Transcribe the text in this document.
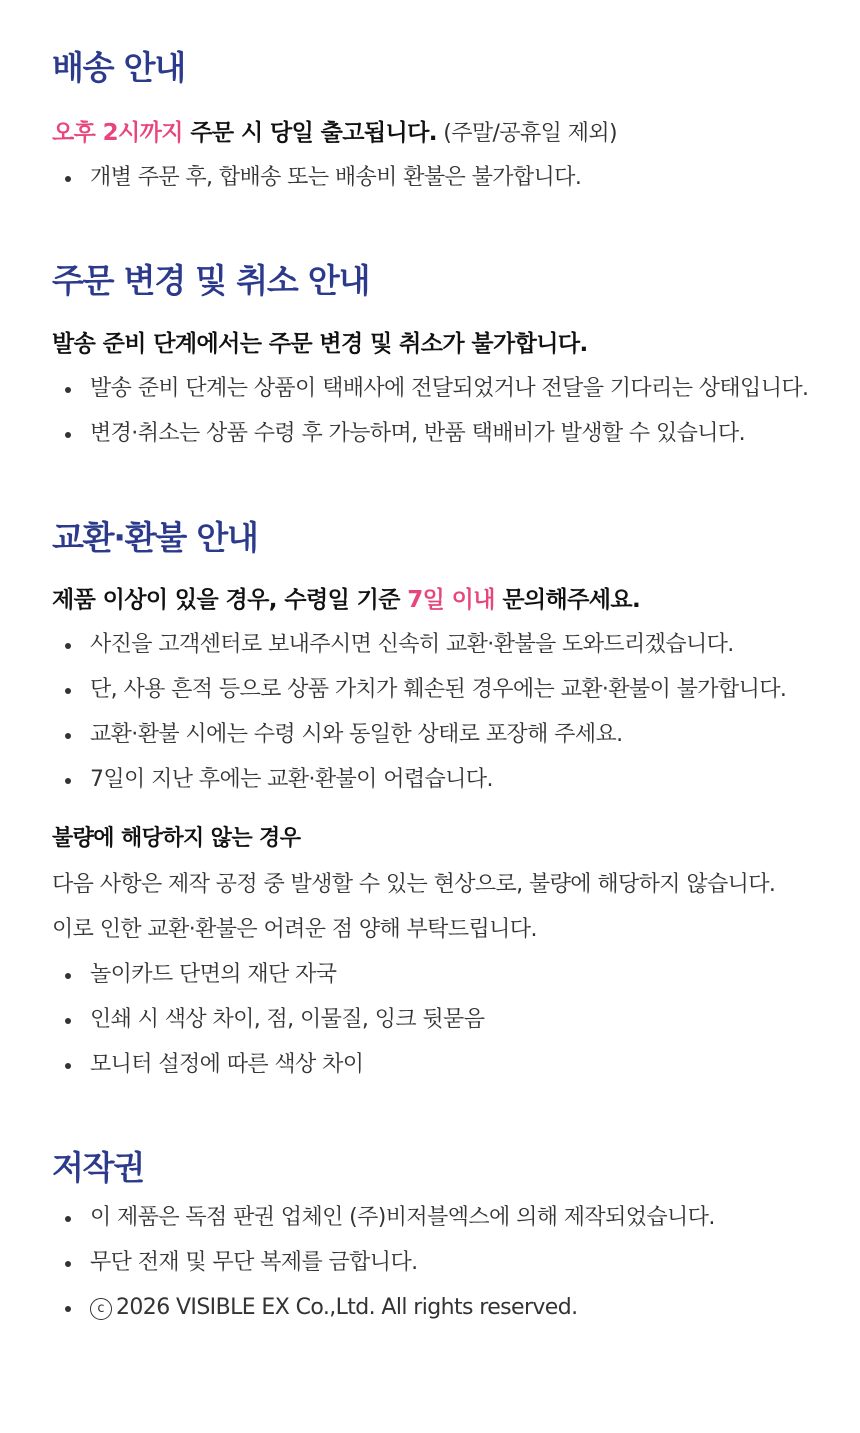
배송 안내
오후 2시까지 주문 시 당일 출고됩니다. (주말/공휴일 제외)
개별 주문 후, 합배송 또는 배송비 환불은 불가합니다.
주문 변경 및 취소 안내
발송 준비 단계에서는 주문 변경 및 취소가 불가합니다.
발송 준비 단계는 상품이 택배사에 전달되었거나 전달을 기다리는 상태입니다.
변경·취소는 상품 수령 후 가능하며, 반품 택배비가 발생할 수 있습니다.
교환·환불 안내
제품 이상이 있을 경우, 수령일 기준 7일 이내 문의해주세요.
사진을 고객센터로 보내주시면 신속히 교환·환불을 도와드리겠습니다.
단, 사용 흔적 등으로 상품 가치가 훼손된 경우에는 교환·환불이 불가합니다.
교환·환불 시에는 수령 시와 동일한 상태로 포장해 주세요.
7일이 지난 후에는 교환·환불이 어렵습니다.
불량에 해당하지 않는 경우
다음 사항은 제작 공정 중 발생할 수 있는 현상으로, 불량에 해당하지 않습니다.
이로 인한 교환·환불은 어려운 점 양해 부탁드립니다.
놀이카드 단면의 재단 자국
인쇄 시 색상 차이, 점, 이물질, 잉크 뒷묻음
모니터 설정에 따른 색상 차이
저작권
이 제품은 독점 판권 업체인 (주)비저블엑스에 의해 제작되었습니다.
무단 전재 및 무단 복제를 금합니다.
c 2026 VISIBLE EX Co.,Ltd. All rights reserved.
